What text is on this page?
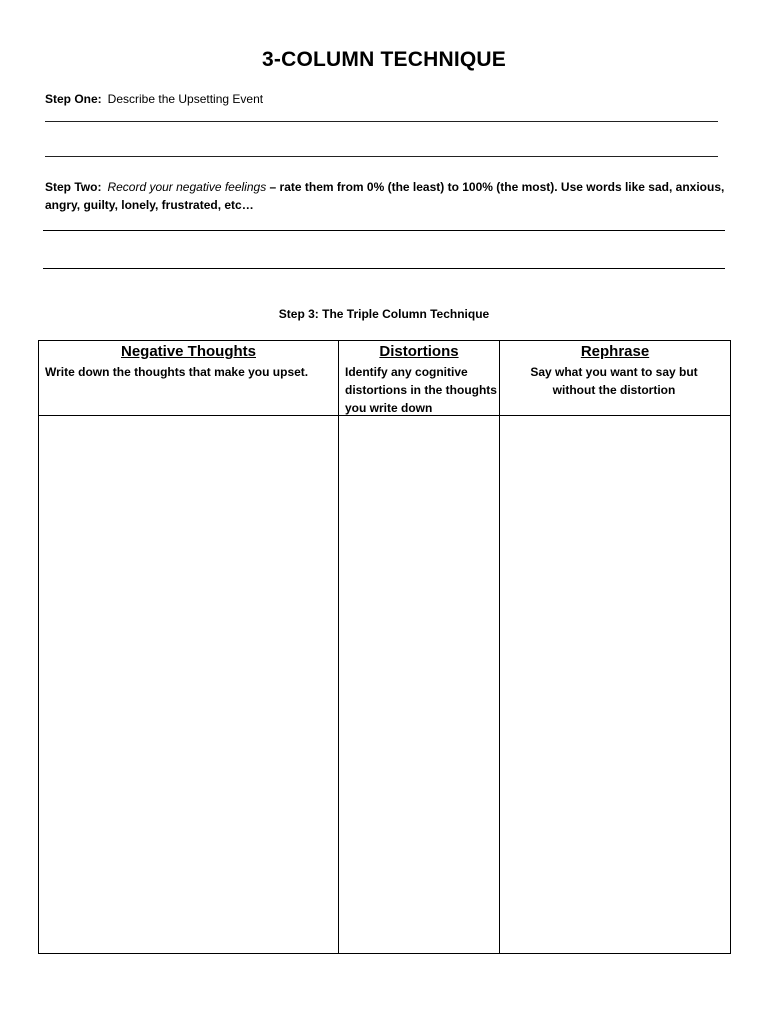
3-COLUMN TECHNIQUE
Step One: Describe the Upsetting Event
Step Two: Record your negative feelings – rate them from 0% (the least) to 100% (the most). Use words like sad, anxious, angry, guilty, lonely, frustrated, etc…
Step 3: The Triple Column Technique
Negative Thoughts
Write down the thoughts that make you upset.
Distortions
Identify any cognitive distortions in the thoughts you write down
Rephrase
Say what you want to say but without the distortion
